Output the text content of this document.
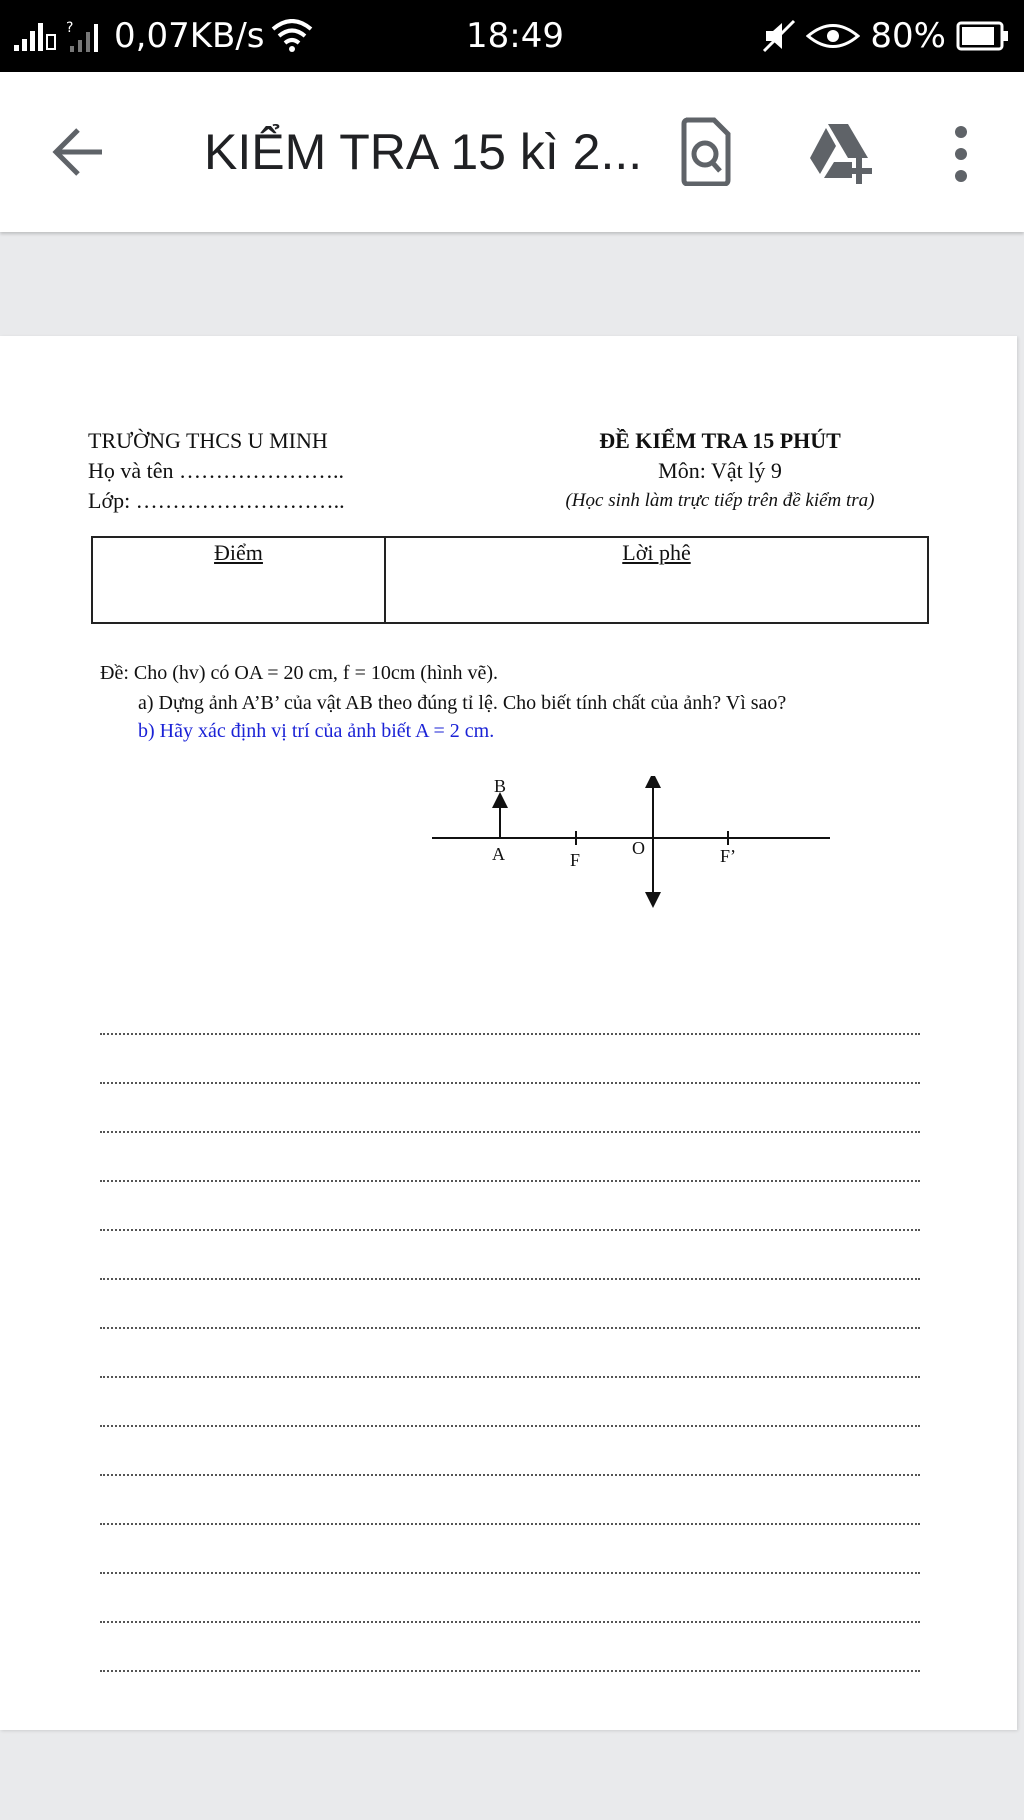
? 0,07KB/s	18:49	80%
KIỂM TRA 15 kì 2...
TRƯỜNG THCS U MINH
Họ và tên …………………..
Lớp: ………………………..
ĐỀ KIỂM TRA 15 PHÚT
Môn: Vật lý 9
(Học sinh làm trực tiếp trên đề kiểm tra)
Điểm	Lời phê
Đề: Cho (hv) có OA = 20 cm, f = 10cm (hình vẽ).
a) Dựng ảnh A’B’ của vật AB theo đúng tỉ lệ. Cho biết tính chất của ảnh? Vì sao?
b) Hãy xác định vị trí của ảnh biết A = 2 cm.
B
A	F
O	F’
